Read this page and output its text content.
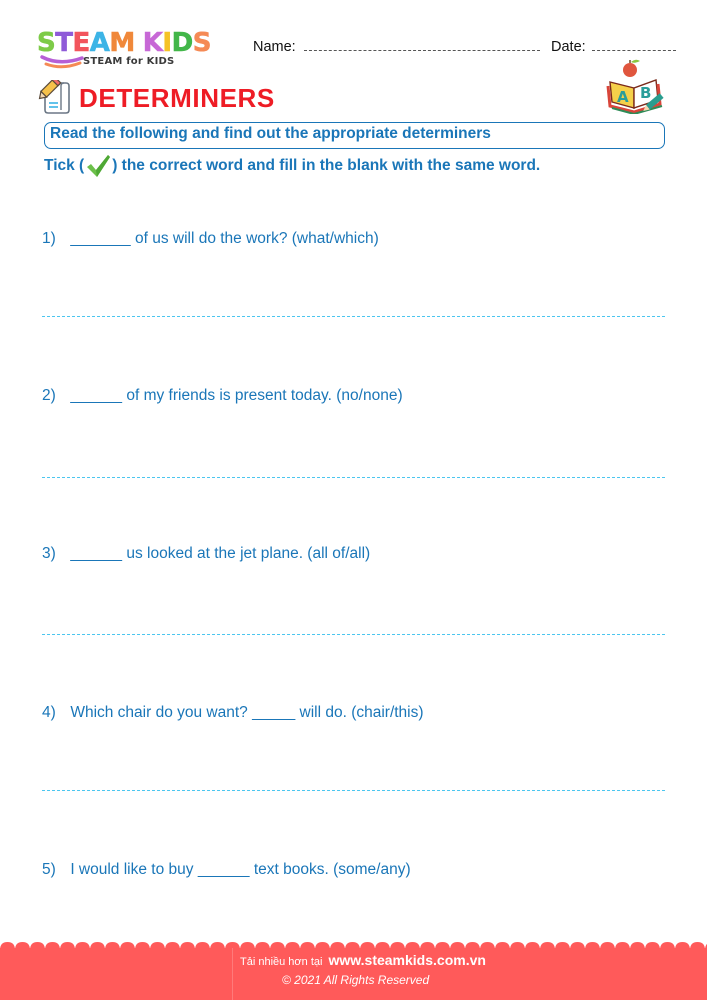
STEAM KIDS
STEAM for KIDS
Name:	Date:
DETERMINERS	A B
Read the following and find out the appropriate determiners
Tick ( ) the correct word and fill in the blank with the same word.
1) _______ of us will do the work? (what/which)
2) ______ of my friends is present today. (no/none)
3) ______ us looked at the jet plane. (all of/all)
4) Which chair do you want? _____ will do. (chair/this)
5) I would like to buy ______ text books. (some/any)
Tải nhiều hơn tại www.steamkids.com.vn
© 2021 All Rights Reserved
